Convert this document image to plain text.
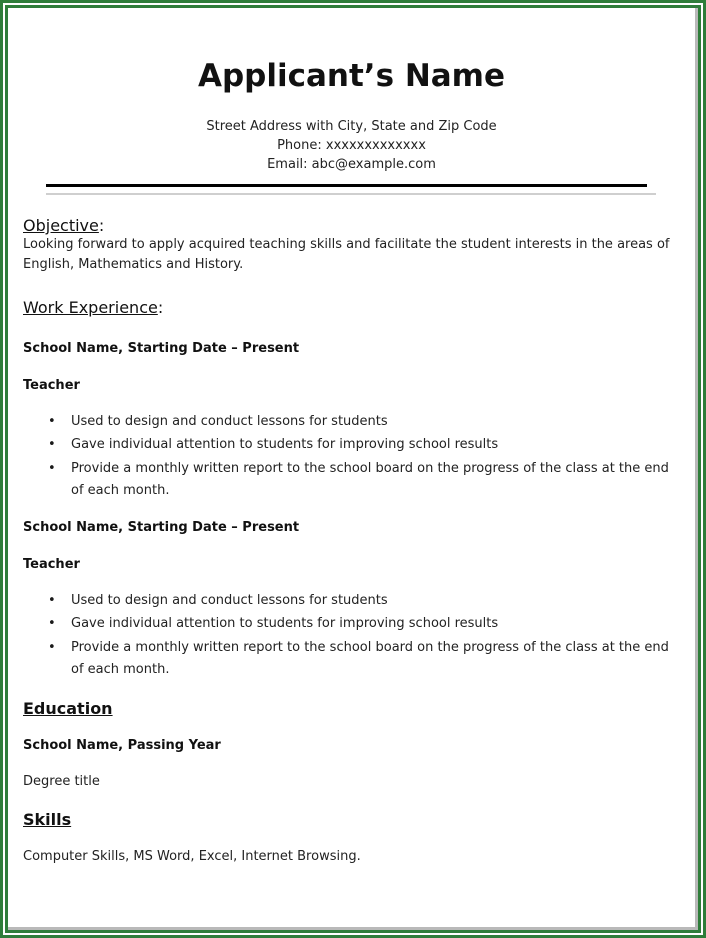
Applicant’s Name
Street Address with City, State and Zip Code
Phone: xxxxxxxxxxxxx
Email: abc@example.com
Objective:
Looking forward to apply acquired teaching skills and facilitate the student interests in the areas of English, Mathematics and History.
Work Experience:
School Name, Starting Date – Present
Teacher
• Used to design and conduct lessons for students
• Gave individual attention to students for improving school results
• Provide a monthly written report to the school board on the progress of the class at the end of each month.
School Name, Starting Date – Present
Teacher
• Used to design and conduct lessons for students
• Gave individual attention to students for improving school results
• Provide a monthly written report to the school board on the progress of the class at the end of each month.
Education
School Name, Passing Year
Degree title
Skills
Computer Skills, MS Word, Excel, Internet Browsing.
